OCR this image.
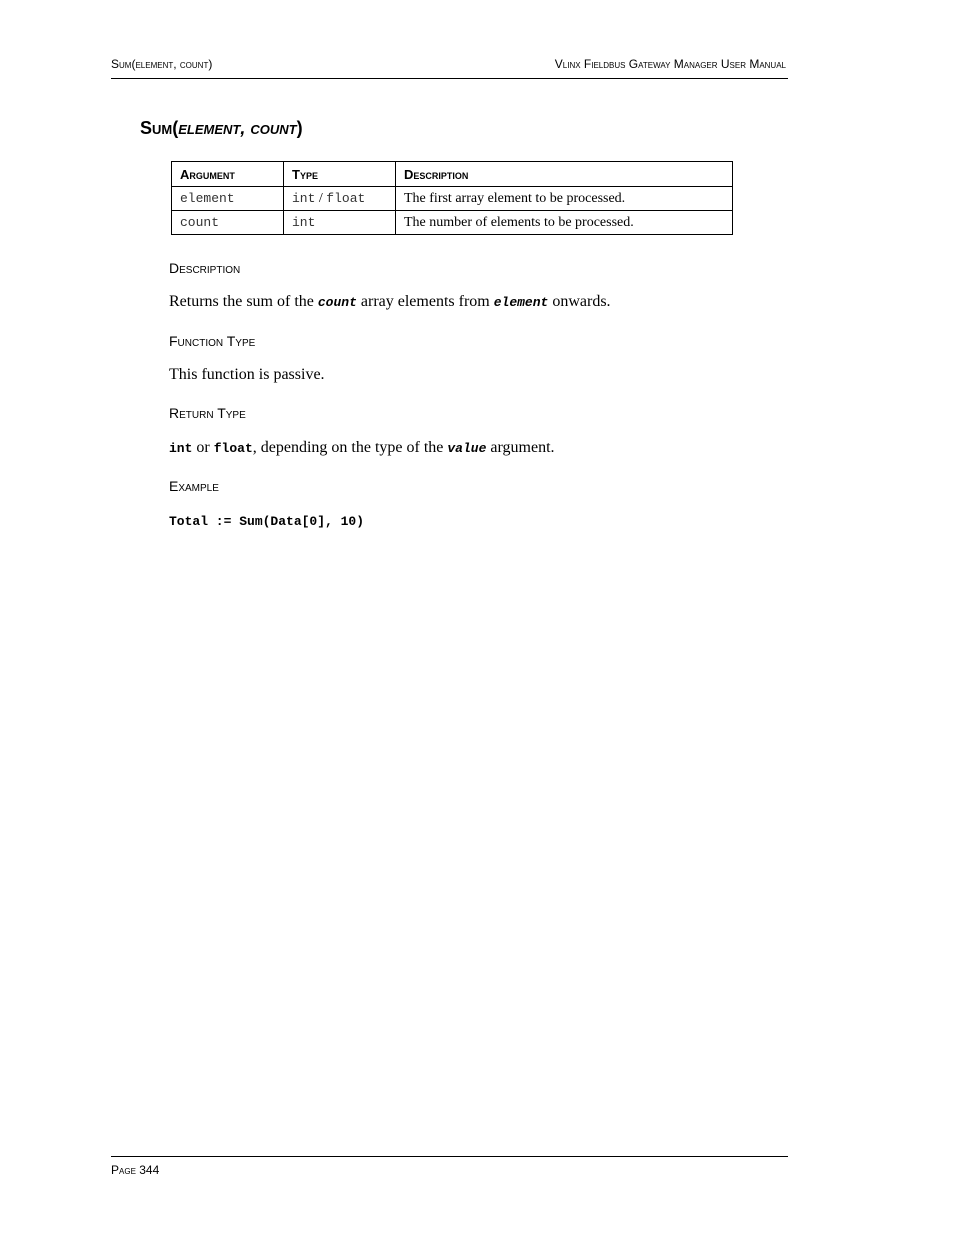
Sum(element, count)	Vlinx Fieldbus Gateway Manager User Manual
Sum(element, count)
Argument	Type	Description
element	int / float	The first array element to be processed.
count	int	The number of elements to be processed.
Description
Returns the sum of the count array elements from element onwards.
Function Type
This function is passive.
Return Type
int or float, depending on the type of the value argument.
Example
Total := Sum(Data[0], 10)
Page 344
